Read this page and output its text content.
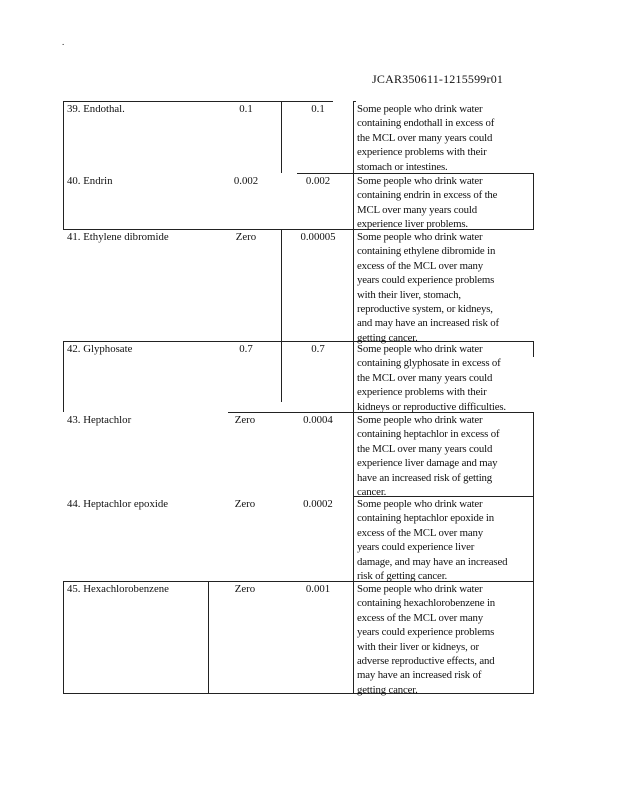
.
JCAR350611-1215599r01
39. Endothal.	0.1	0.1	Some people who drink water
containing endothall in excess of
the MCL over many years could
experience problems with their
stomach or intestines.
40. Endrin	0.002	0.002	Some people who drink water
containing endrin in excess of the
MCL over many years could
experience liver problems.
41. Ethylene dibromide	Zero	0.00005	Some people who drink water
containing ethylene dibromide in
excess of the MCL over many
years could experience problems
with their liver, stomach,
reproductive system, or kidneys,
and may have an increased risk of
getting cancer.
42. Glyphosate	0.7	0.7	Some people who drink water
containing glyphosate in excess of
the MCL over many years could
experience problems with their
kidneys or reproductive difficulties.
43. Heptachlor	Zero	0.0004	Some people who drink water
containing heptachlor in excess of
the MCL over many years could
experience liver damage and may
have an increased risk of getting
cancer.
44. Heptachlor epoxide	Zero	0.0002	Some people who drink water
containing heptachlor epoxide in
excess of the MCL over many
years could experience liver
damage, and may have an increased
risk of getting cancer.
45. Hexachlorobenzene	Zero	0.001	Some people who drink water
containing hexachlorobenzene in
excess of the MCL over many
years could experience problems
with their liver or kidneys, or
adverse reproductive effects, and
may have an increased risk of
getting cancer.
